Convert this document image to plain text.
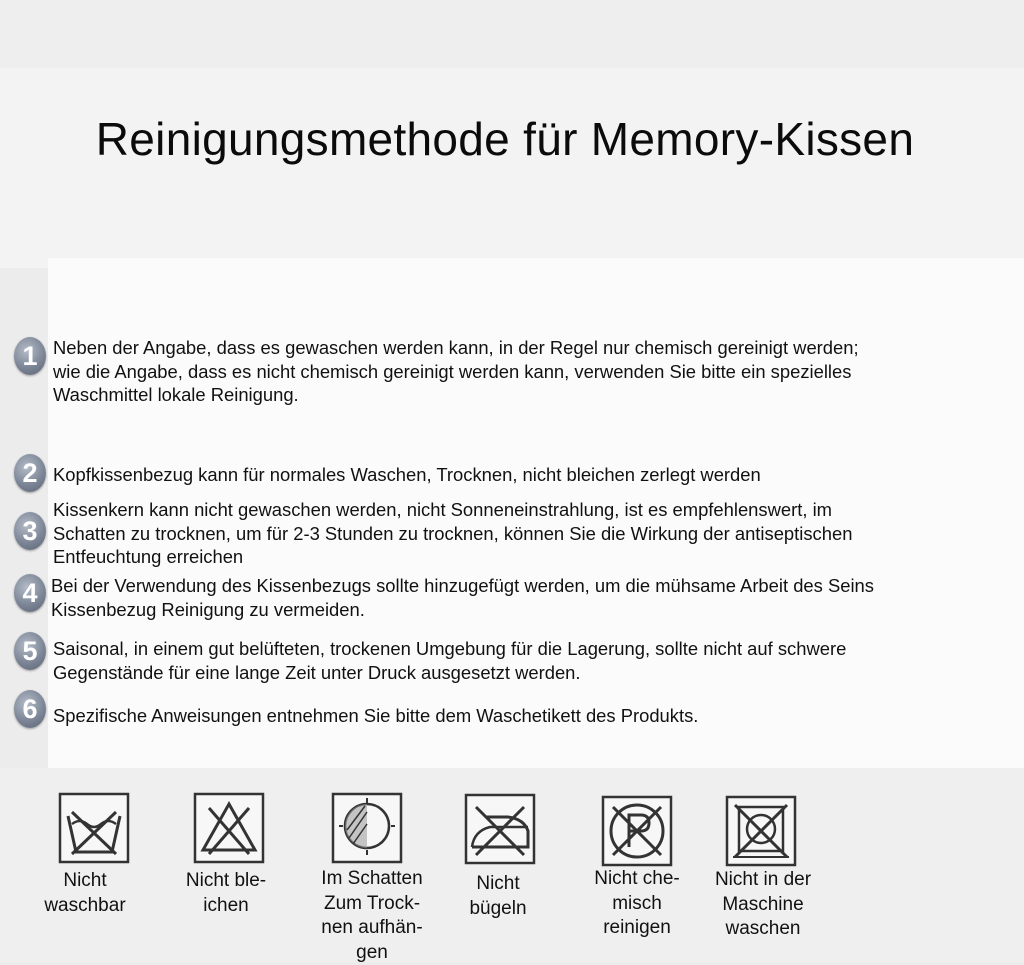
Reinigungsmethode für Memory-Kissen
1 Neben der Angabe, dass es gewaschen werden kann, in der Regel nur chemisch gereinigt werden;
wie die Angabe, dass es nicht chemisch gereinigt werden kann, verwenden Sie bitte ein spezielles
Waschmittel lokale Reinigung.
2 Kopfkissenbezug kann für normales Waschen, Trocknen, nicht bleichen zerlegt werden
3
Kissenkern kann nicht gewaschen werden, nicht Sonneneinstrahlung, ist es empfehlenswert, im
Schatten zu trocknen, um für 2-3 Stunden zu trocknen, können Sie die Wirkung der antiseptischen
Entfeuchtung erreichen
4 Bei der Verwendung des Kissenbezugs sollte hinzugefügt werden, um die mühsame Arbeit des Seins
Kissenbezug Reinigung zu vermeiden.
5 Saisonal, in einem gut belüfteten, trockenen Umgebung für die Lagerung, sollte nicht auf schwere
Gegenstände für eine lange Zeit unter Druck ausgesetzt werden.
6 Spezifische Anweisungen entnehmen Sie bitte dem Waschetikett des Produkts.
Nicht
waschbar
Nicht ble-
ichen
Im Schatten
Zum Trock-
nen aufhän-
gen
Nicht
bügeln
Nicht che-
misch
reinigen
Nicht in der
Maschine
waschen
